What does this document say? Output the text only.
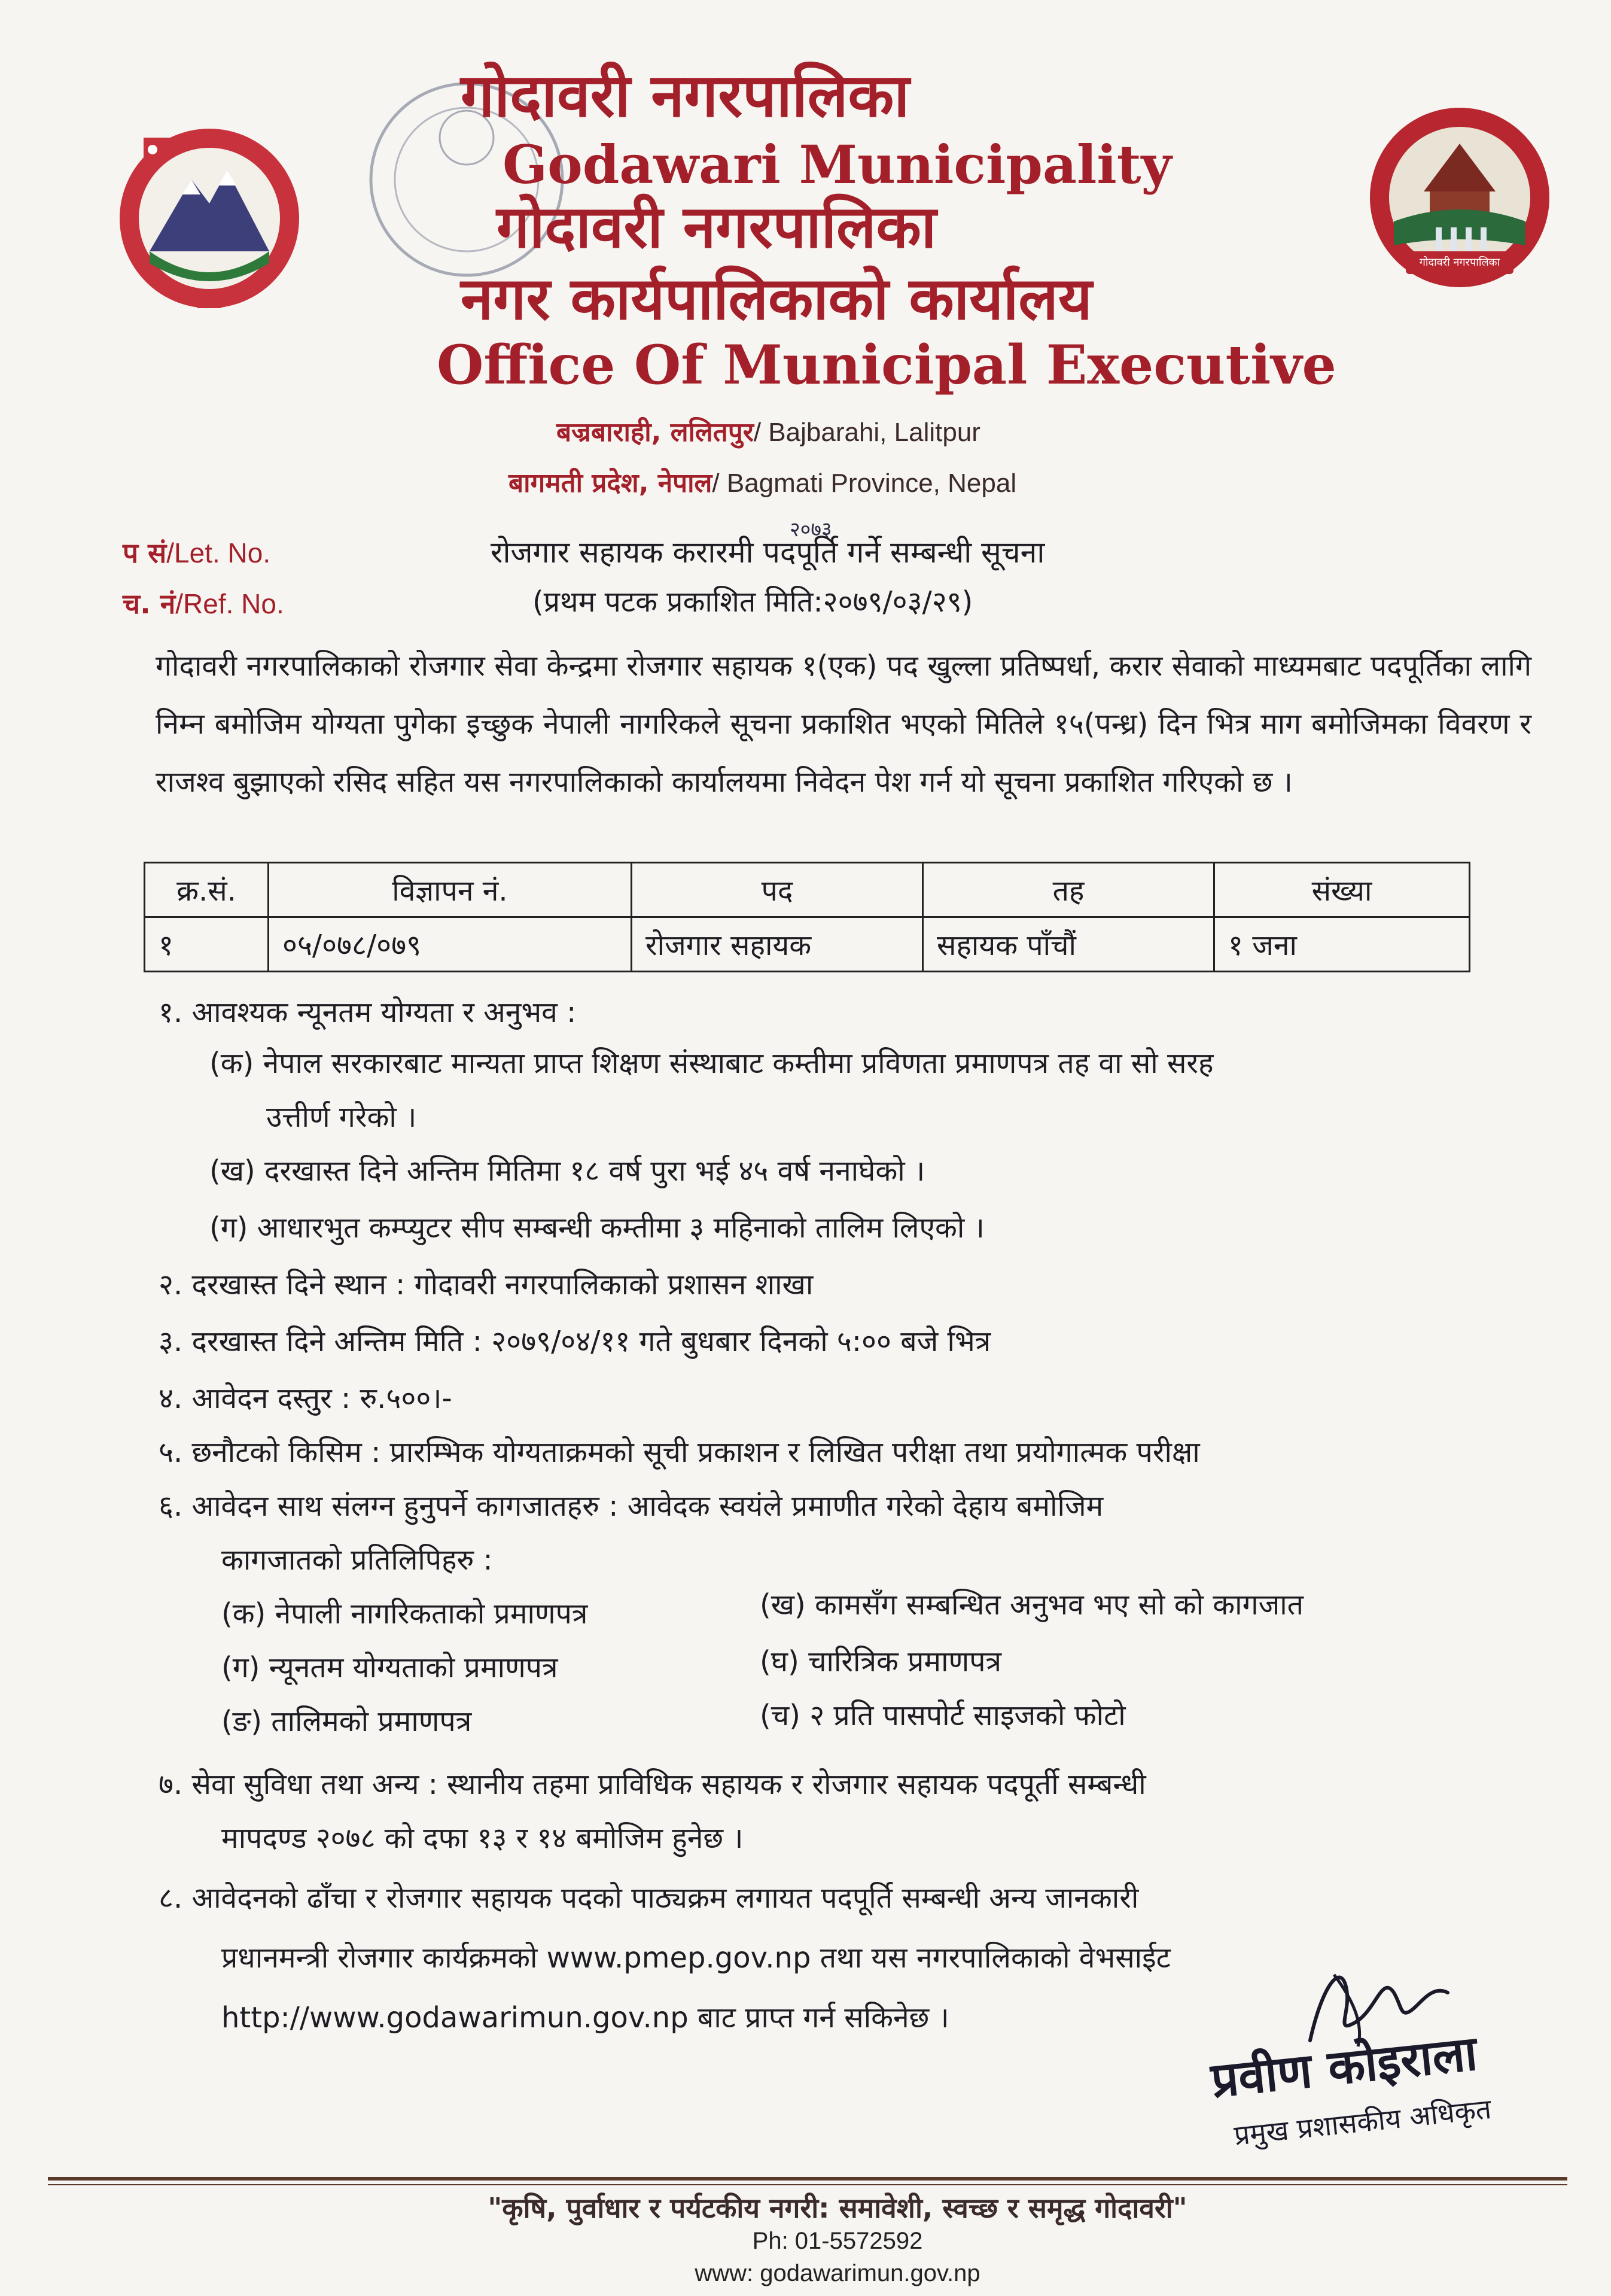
गोदावरी नगरपालिका
गोदावरी नगरपालिका
Godawari Municipality
गोदावरी नगरपालिका
नगर कार्यपालिकाको कार्यालय
Office Of Municipal Executive
बज्रबाराही, ललितपुर/ Bajbarahi, Lalitpur
बागमती प्रदेश, नेपाल/ Bagmati Province, Nepal
प सं/Let. No.
च. नं/Ref. No.
२०७३
रोजगार सहायक करारमी पदपूर्ति गर्ने सम्बन्धी सूचना
(प्रथम पटक प्रकाशित मिति:२०७९/०३/२९)
गोदावरी नगरपालिकाको रोजगार सेवा केन्द्रमा रोजगार सहायक १(एक) पद खुल्ला प्रतिष्पर्धा, करार सेवाको माध्यमबाट पदपूर्तिका लागि निम्न बमोजिम योग्यता पुगेका इच्छुक नेपाली नागरिकले सूचना प्रकाशित भएको मितिले १५(पन्ध्र) दिन भित्र माग बमोजिमका विवरण र राजश्व बुझाएको रसिद सहित यस नगरपालिकाको कार्यालयमा निवेदन पेश गर्न यो सूचना प्रकाशित गरिएको छ ।
क्र.सं.	विज्ञापन नं.	पद	तह	संख्या
१	०५/०७८/०७९	रोजगार सहायक	सहायक पाँचौं	१ जना
१. आवश्यक न्यूनतम योग्यता र अनुभव :
(क) नेपाल सरकारबाट मान्यता प्राप्त शिक्षण संस्थाबाट कम्तीमा प्रविणता प्रमाणपत्र तह वा सो सरह
उत्तीर्ण गरेको ।
(ख) दरखास्त दिने अन्तिम मितिमा १८ वर्ष पुरा भई ४५ वर्ष ननाघेको ।
(ग) आधारभुत कम्प्युटर सीप सम्बन्धी कम्तीमा ३ महिनाको तालिम लिएको ।
२. दरखास्त दिने स्थान : गोदावरी नगरपालिकाको प्रशासन शाखा
३. दरखास्त दिने अन्तिम मिति : २०७९/०४/११ गते बुधबार दिनको ५:०० बजे भित्र
४. आवेदन दस्तुर : रु.५००।-
५. छनौटको किसिम : प्रारम्भिक योग्यताक्रमको सूची प्रकाशन र लिखित परीक्षा तथा प्रयोगात्मक परीक्षा
६. आवेदन साथ संलग्न हुनुपर्ने कागजातहरु : आवेदक स्वयंले प्रमाणीत गरेको देहाय बमोजिम
कागजातको प्रतिलिपिहरु :
(क) नेपाली नागरिकताको प्रमाणपत्र	(ख) कामसँग सम्बन्धित अनुभव भए सो को कागजात
(ग) न्यूनतम योग्यताको प्रमाणपत्र	(घ) चारित्रिक प्रमाणपत्र
(ङ) तालिमको प्रमाणपत्र	(च) २ प्रति पासपोर्ट साइजको फोटो
७. सेवा सुविधा तथा अन्य : स्थानीय तहमा प्राविधिक सहायक र रोजगार सहायक पदपूर्ती सम्बन्धी
मापदण्ड २०७८ को दफा १३ र १४ बमोजिम हुनेछ ।
८. आवेदनको ढाँचा र रोजगार सहायक पदको पाठ्यक्रम लगायत पदपूर्ति सम्बन्धी अन्य जानकारी
प्रधानमन्त्री रोजगार कार्यक्रमको www.pmep.gov.np तथा यस नगरपालिकाको वेभसाईट
http://www.godawarimun.gov.np बाट प्राप्त गर्न सकिनेछ ।
प्रवीण कोइराला
प्रमुख प्रशासकीय अधिकृत
"कृषि, पुर्वाधार र पर्यटकीय नगरी: समावेशी, स्वच्छ र समृद्ध गोदावरी"
Ph: 01-5572592
www: godawarimun.gov.np
